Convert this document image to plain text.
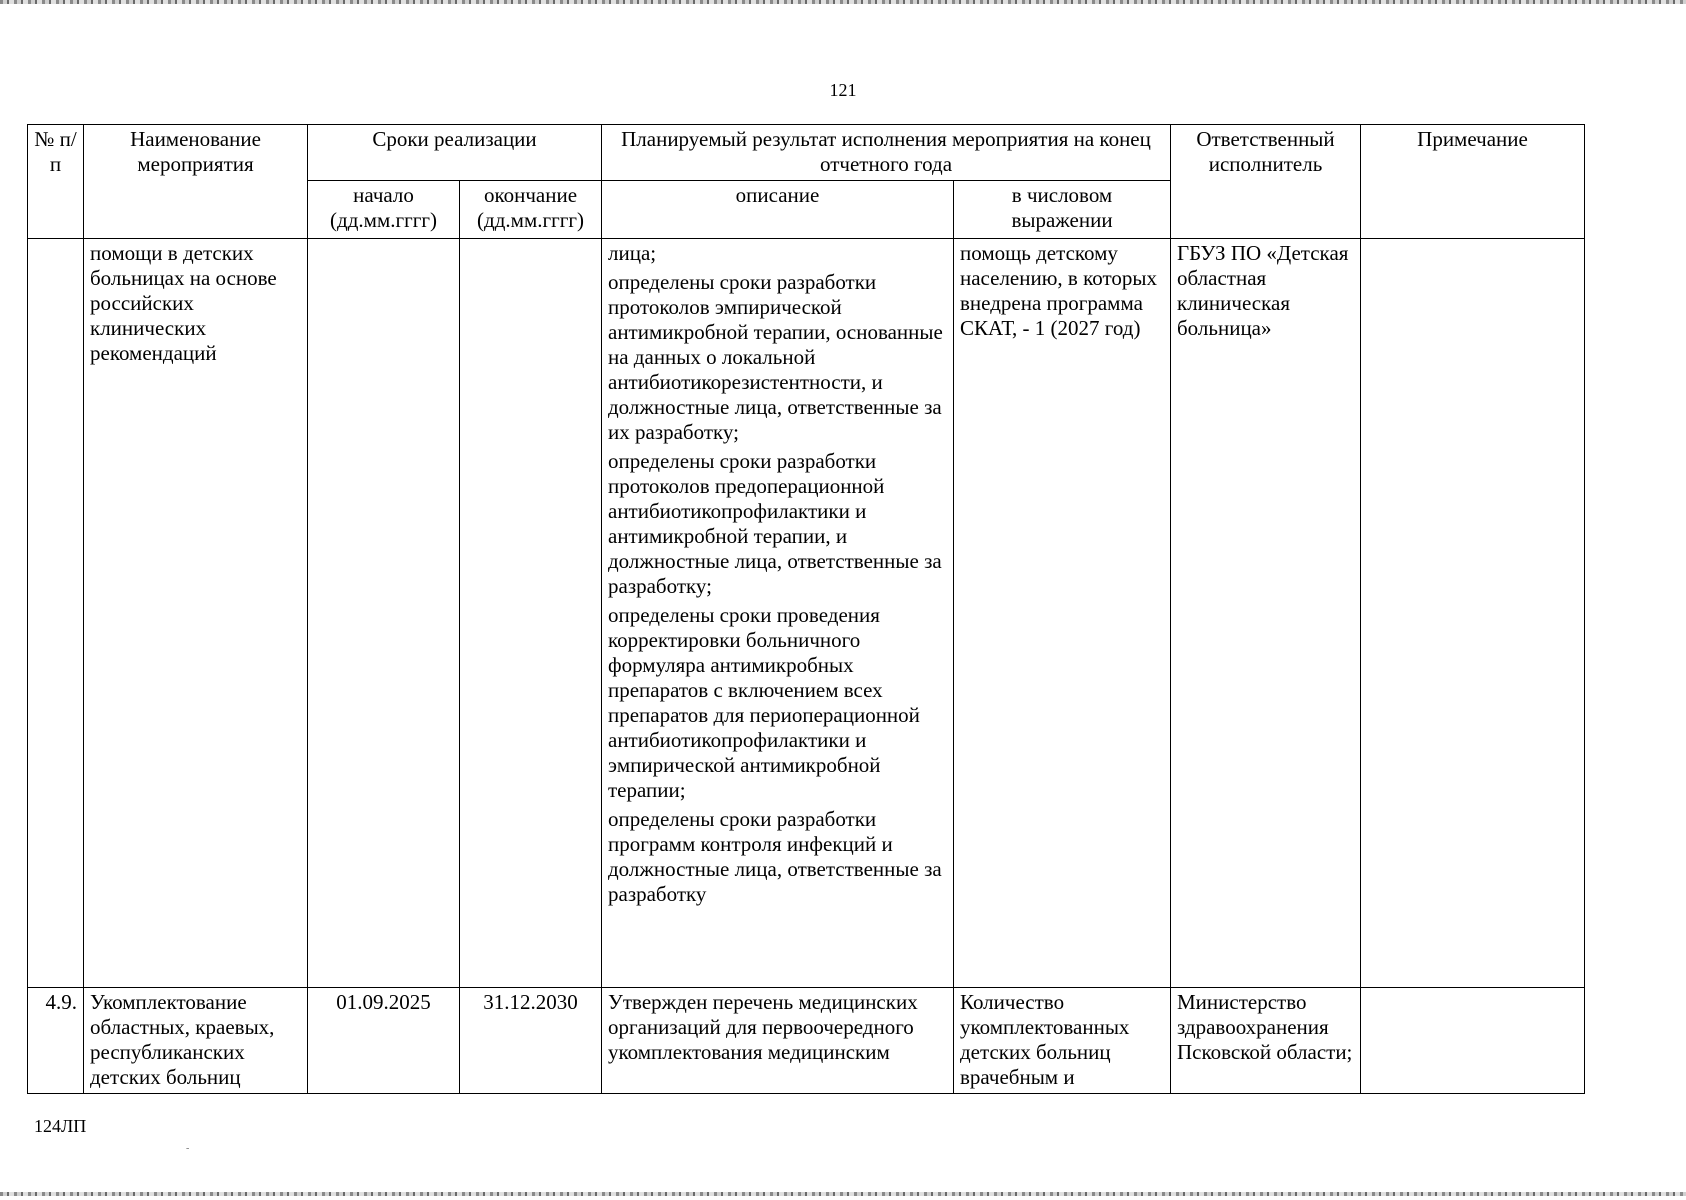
121
№ п/п	Наименование мероприятия	Сроки реализации		Планируемый результат исполнения мероприятия на конец отчетного года		Ответственный исполнитель	Примечание
		начало (дд.мм.гггг)	окончание (дд.мм.гггг)	описание	в числовом выражении		
	помощи в детских больницах на основе российских клинических рекомендаций			лица;
определены сроки разработки протоколов эмпирической антимикробной терапии, основанные на данных о локальной антибиотикорезистентности, и должностные лица, ответственные за их разработку;
определены сроки разработки протоколов предоперационной антибиотикопрофилактики и антимикробной терапии, и должностные лица, ответственные за разработку;
определены сроки проведения корректировки больничного формуляра антимикробных препаратов с включением всех препаратов для периоперационной антибиотикопрофилактики и эмпирической антимикробной терапии;
определены сроки разработки программ контроля инфекций и должностные лица, ответственные за разработку	помощь детскому населению, в которых внедрена программа СКАТ, - 1 (2027 год)	ГБУЗ ПО «Детская областная клиническая больница»	
4.9.	Укомплектование областных, краевых, республиканских детских больниц	01.09.2025	31.12.2030	Утвержден перечень медицинских организаций для первоочередного укомплектования медицинским	Количество укомплектованных детских больниц врачебным и	Министерство здравоохранения Псковской области;	
124ЛП
-
